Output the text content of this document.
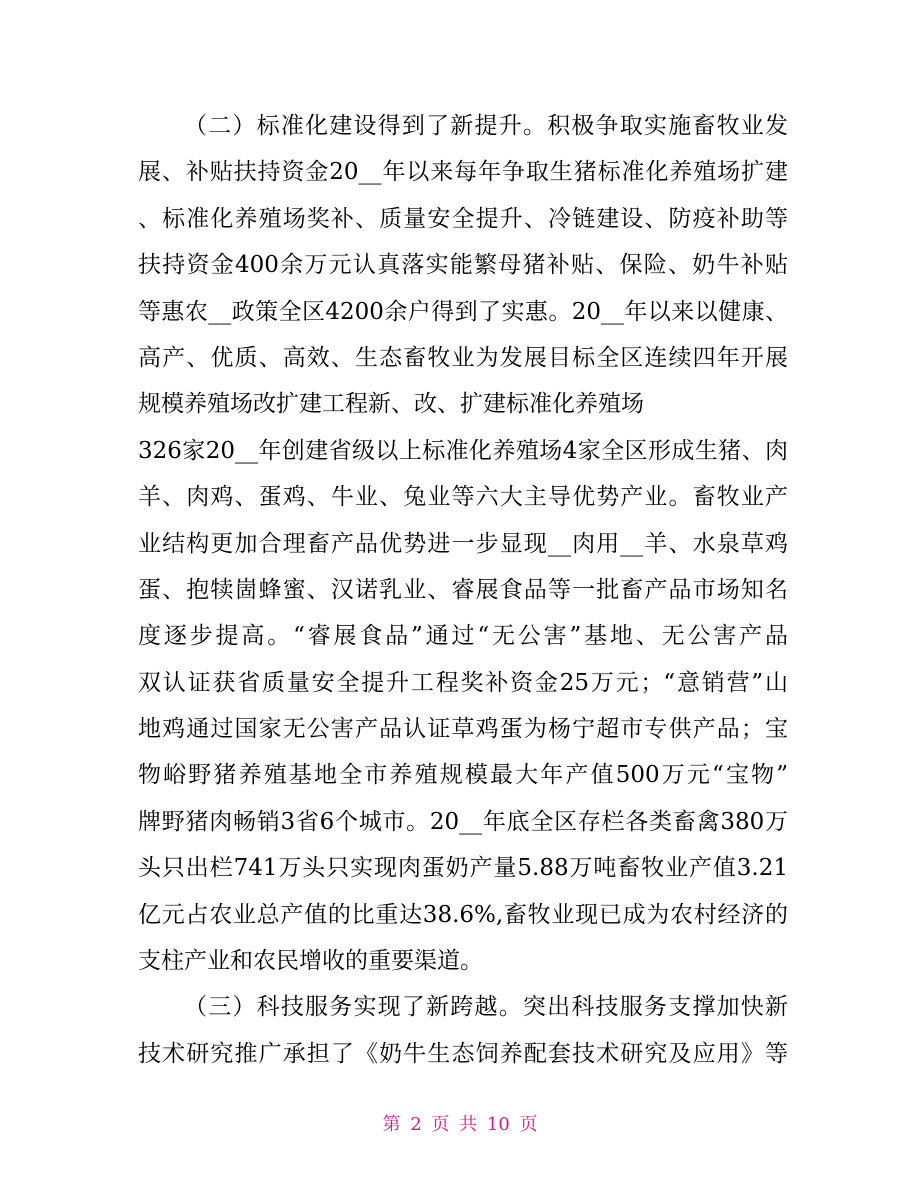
（二）标准化建设得到了新提升。积极争取实施畜牧业发
展、补贴扶持资金20__年以来每年争取生猪标准化养殖场扩建
、标准化养殖场奖补、质量安全提升、冷链建设、防疫补助等
扶持资金400余万元认真落实能繁母猪补贴、保险、奶牛补贴
等惠农__政策全区4200余户得到了实惠。20__年以来以健康、
高产、优质、高效、生态畜牧业为发展目标全区连续四年开展
规模养殖场改扩建工程新、改、扩建标准化养殖场
326家20__年创建省级以上标准化养殖场4家全区形成生猪、肉
羊、肉鸡、蛋鸡、牛业、兔业等六大主导优势产业。畜牧业产
业结构更加合理畜产品优势进一步显现__肉用__羊、水泉草鸡
蛋、抱犊崮蜂蜜、汉诺乳业、睿展食品等一批畜产品市场知名
度逐步提高。“睿展食品”通过“无公害”基地、无公害产品
双认证获省质量安全提升工程奖补资金25万元；“意销营”山
地鸡通过国家无公害产品认证草鸡蛋为杨宁超市专供产品；宝
物峪野猪养殖基地全市养殖规模最大年产值500万元“宝物”
牌野猪肉畅销3省6个城市。20__年底全区存栏各类畜禽380万
头只出栏741万头只实现肉蛋奶产量5.88万吨畜牧业产值3.21
亿元占农业总产值的比重达38.6%,畜牧业现已成为农村经济的
支柱产业和农民增收的重要渠道。
（三）科技服务实现了新跨越。突出科技服务支撑加快新
技术研究推广承担了《奶牛生态饲养配套技术研究及应用》等
第 2 页 共 10 页
